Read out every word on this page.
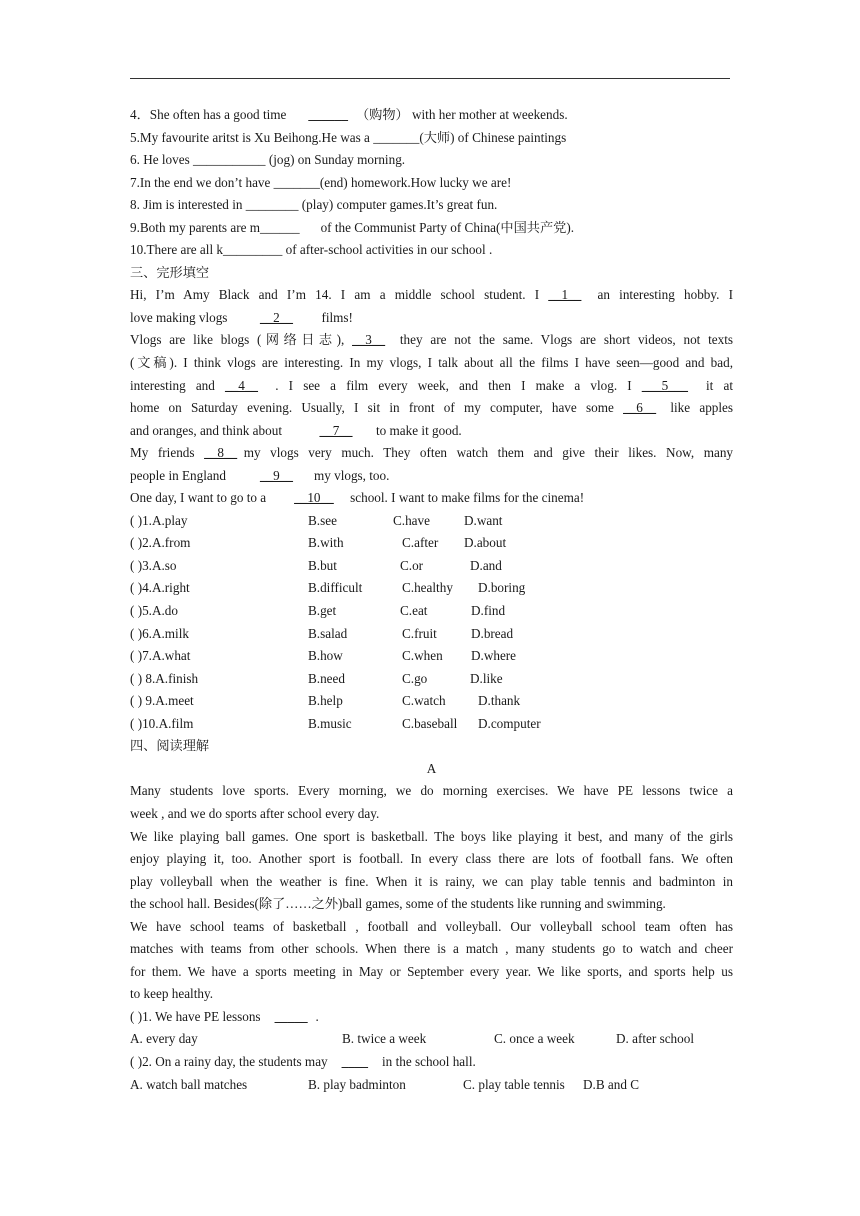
4．She often has a good time ______ （购物） with her mother at weekends.
5.My favourite aritst is Xu Beihong.He was a _______(大师) of Chinese paintings
6. He loves ___________ (jog) on Sunday morning.
7.In the end we don’t have _______(end) homework.How lucky we are!
8. Jim is interested in ________ (play) computer games.It’s great fun.
9.Both my parents are m______ of the Communist Party of China(中国共产党).
10.There are all k_________ of after-school activities in our school .
三、完形填空
Hi, I’m Amy Black and I’m 14. I am a middle school student. I __1__ an interesting hobby. I
love making vlogs __2__ films!
Vlogs are like blogs (网络日志), __3__ they are not the same. Vlogs are short videos, not texts
(文稿). I think vlogs are interesting. In my vlogs, I talk about all the films I have seen—good and bad,
interesting and __4__ . I see a film every week, and then I make a vlog. I ___5___ it at
home on Saturday evening. Usually, I sit in front of my computer, have some __6__ like apples
and oranges, and think about	__7__ to make it good.
My friends __8__ my vlogs very much. They often watch them and give their likes. Now, many
people in England	__9__ my vlogs, too.
One day, I want to go to a __10__ school. I want to make films for the cinema!
( )1.A.play	B.see	C.have	D.want
( )2.A.from	B.with	C.after D.about
( )3.A.so	B.but	C.or	D.and
( )4.A.right	B.difficult	C.healthy D.boring
( )5.A.do	B.get	C.eat	D.find
( )6.A.milk	B.salad	C.fruit	D.bread
( )7.A.what	B.how	C.when D.where
( ) 8.A.finish	B.need	C.go	D.like
( ) 9.A.meet	B.help	C.watch D.thank
( )10.A.film	B.music	C.baseball D.computer
四、阅读理解
A
Many students love sports. Every morning, we do morning exercises. We have PE lessons twice a
week , and we do sports after school every day.
We like playing ball games. One sport is basketball. The boys like playing it best, and many of the girls
enjoy playing it, too. Another sport is football. In every class there are lots of football fans. We often
play volleyball when the weather is fine. When it is rainy, we can play table tennis and badminton in
the school hall. Besides(除了……之外)ball games, some of the students like running and swimming.
We have school teams of basketball , football and volleyball. Our volleyball school team often has
matches with teams from other schools. When there is a match , many students go to watch and cheer
for them. We have a sports meeting in May or September every year. We like sports, and sports help us
to keep healthy.
( )1. We have PE lessons _____ .
A. every day	B. twice a week	C. once a week	D. after school
( )2. On a rainy day, the students may ____ in the school hall.
A. watch ball matches	B. play badminton	C. play table tennis D.B and C
